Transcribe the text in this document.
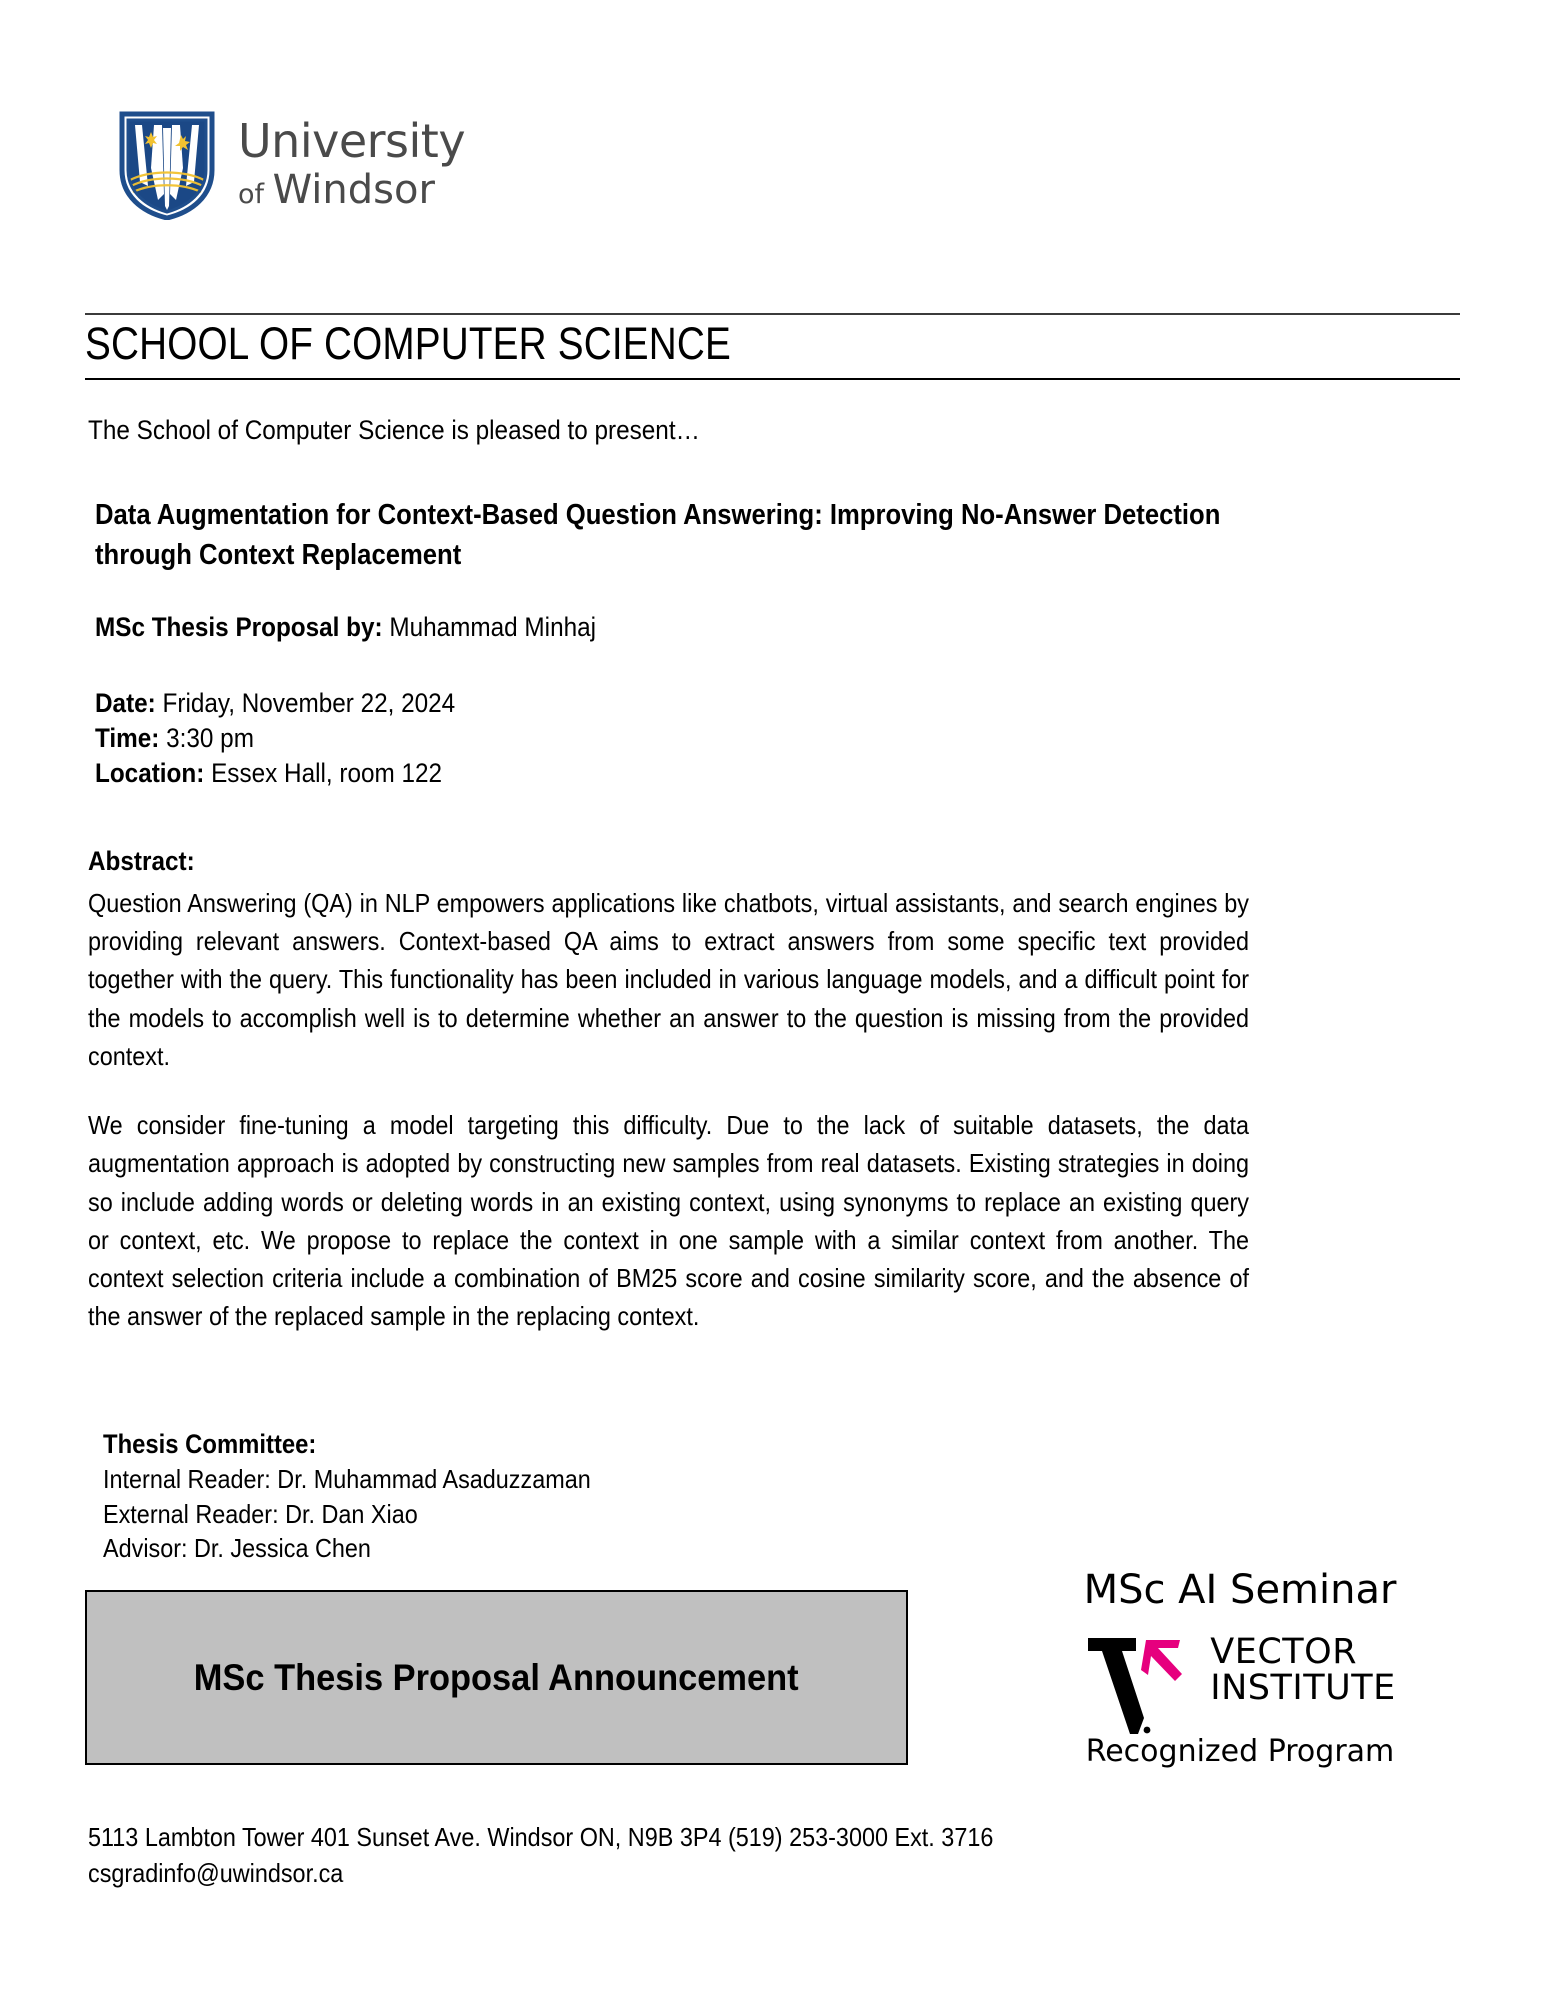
University
of Windsor
SCHOOL OF COMPUTER SCIENCE
The School of Computer Science is pleased to present…
Data Augmentation for Context-Based Question Answering: Improving No-Answer Detection through Context Replacement
MSc Thesis Proposal by: Muhammad Minhaj
Date: Friday, November 22, 2024
Time: 3:30 pm
Location: Essex Hall, room 122
Abstract:

Question Answering (QA) in NLP empowers applications like chatbots, virtual assistants, and search engines by providing relevant answers. Context-based QA aims to extract answers from some specific text provided together with the query. This functionality has been included in various language models, and a difficult point for the models to accomplish well is to determine whether an answer to the question is missing from the provided context.

We consider fine-tuning a model targeting this difficulty. Due to the lack of suitable datasets, the data augmentation approach is adopted by constructing new samples from real datasets. Existing strategies in doing so include adding words or deleting words in an existing context, using synonyms to replace an existing query or context, etc. We propose to replace the context in one sample with a similar context from another. The context selection criteria include a combination of BM25 score and cosine similarity score, and the absence of the answer of the replaced sample in the replacing context.

Thesis Committee:
Internal Reader: Dr. Muhammad Asaduzzaman
External Reader: Dr. Dan Xiao
Advisor: Dr. Jessica Chen
MSc Thesis Proposal Announcement
MSc AI Seminar
VECTOR
INSTITUTE
Recognized Program
5113 Lambton Tower 401 Sunset Ave. Windsor ON, N9B 3P4 (519) 253-3000 Ext. 3716
csgradinfo@uwindsor.ca
